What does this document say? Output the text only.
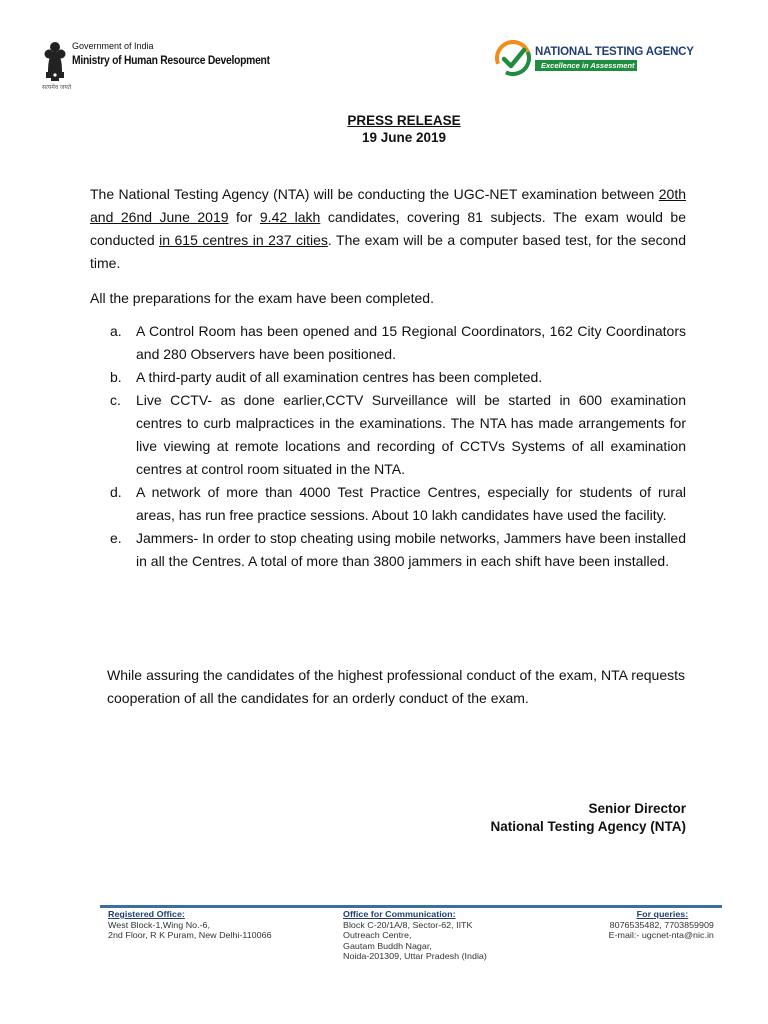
Government of India
Ministry of Human Resource Development
सत्यमेव जयते
NATIONAL TESTING AGENCY
Excellence in Assessment
PRESS RELEASE
19 June 2019
The National Testing Agency (NTA) will be conducting the UGC-NET examination between 20th and 26nd June 2019 for 9.42 lakh candidates, covering 81 subjects. The exam would be conducted in 615 centres in 237 cities. The exam will be a computer based test, for the second time.
All the preparations for the exam have been completed.
a. A Control Room has been opened and 15 Regional Coordinators, 162 City Coordinators and 280 Observers have been positioned.
b. A third-party audit of all examination centres has been completed.
c. Live CCTV- as done earlier,CCTV Surveillance will be started in 600 examination centres to curb malpractices in the examinations. The NTA has made arrangements for live viewing at remote locations and recording of CCTVs Systems of all examination centres at control room situated in the NTA.
d. A network of more than 4000 Test Practice Centres, especially for students of rural areas, has run free practice sessions. About 10 lakh candidates have used the facility.
e. Jammers- In order to stop cheating using mobile networks, Jammers have been installed in all the Centres. A total of more than 3800 jammers in each shift have been installed.
While assuring the candidates of the highest professional conduct of the exam, NTA requests cooperation of all the candidates for an orderly conduct of the exam.
Senior Director
National Testing Agency (NTA)
Registered Office:
West Block-1,Wing No.-6,
2nd Floor, R K Puram, New Delhi-110066
Office for Communication:
Block C-20/1A/8, Sector-62, IITK
Outreach Centre,
Gautam Buddh Nagar,
Noida-201309, Uttar Pradesh (India)
For queries:
8076535482, 7703859909
E-mail:- ugcnet-nta@nic.in
